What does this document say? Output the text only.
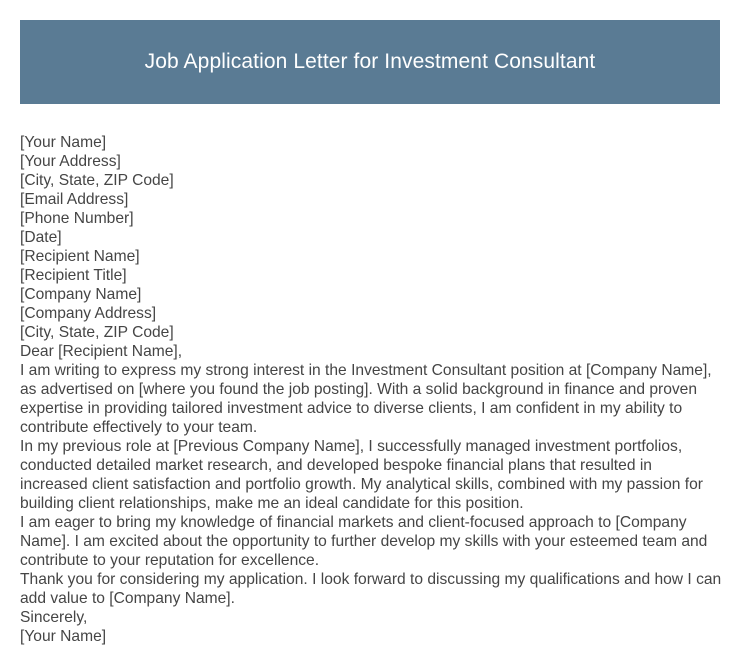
Job Application Letter for Investment Consultant

[Your Name]

[Your Address]

[City, State, ZIP Code]

[Email Address]

[Phone Number]

[Date]

[Recipient Name]

[Recipient Title]

[Company Name]

[Company Address]

[City, State, ZIP Code]

Dear [Recipient Name],

I am writing to express my strong interest in the Investment Consultant position at [Company Name], as advertised on [where you found the job posting]. With a solid background in finance and proven expertise in providing tailored investment advice to diverse clients, I am confident in my ability to contribute effectively to your team.

In my previous role at [Previous Company Name], I successfully managed investment portfolios, conducted detailed market research, and developed bespoke financial plans that resulted in increased client satisfaction and portfolio growth. My analytical skills, combined with my passion for building client relationships, make me an ideal candidate for this position.

I am eager to bring my knowledge of financial markets and client-focused approach to [Company Name]. I am excited about the opportunity to further develop my skills with your esteemed team and contribute to your reputation for excellence.

Thank you for considering my application. I look forward to discussing my qualifications and how I can add value to [Company Name].

Sincerely,

[Your Name]
